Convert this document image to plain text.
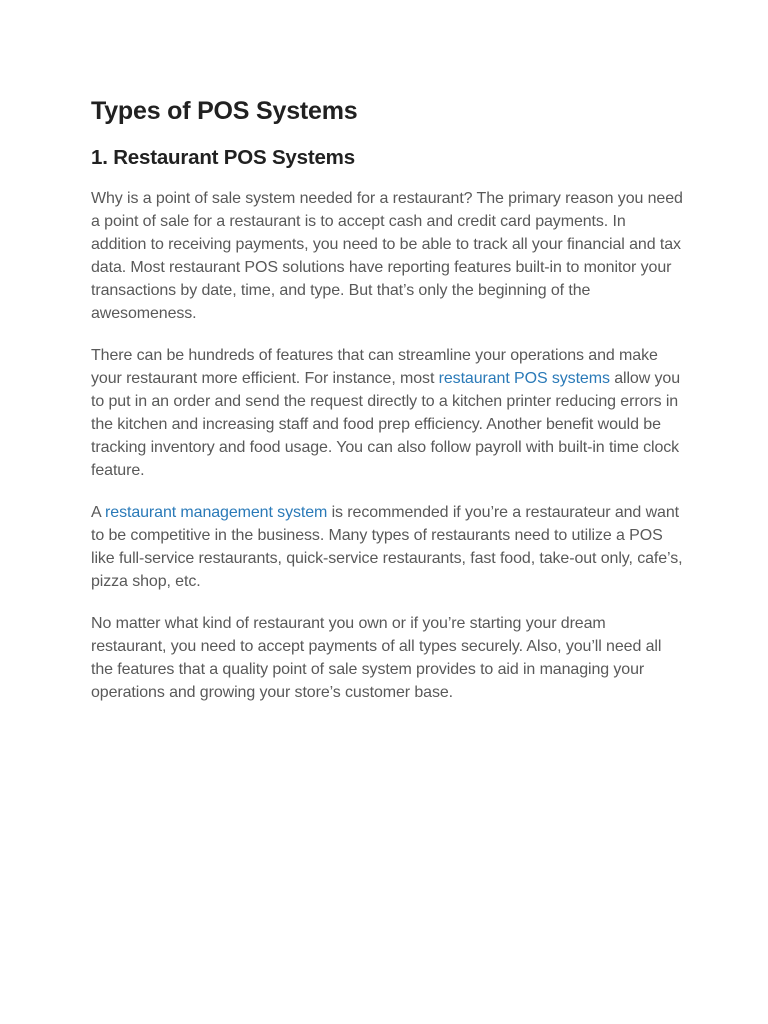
Types of POS Systems
1. Restaurant POS Systems

Why is a point of sale system needed for a restaurant? The primary reason you need a point of sale for a restaurant is to accept cash and credit card payments. In addition to receiving payments, you need to be able to track all your financial and tax data. Most restaurant POS solutions have reporting features built-in to monitor your transactions by date, time, and type. But that’s only the beginning of the awesomeness.

There can be hundreds of features that can streamline your operations and make your restaurant more efficient. For instance, most restaurant POS systems allow you to put in an order and send the request directly to a kitchen printer reducing errors in the kitchen and increasing staff and food prep efficiency. Another benefit would be tracking inventory and food usage. You can also follow payroll with built-in time clock feature.

A restaurant management system is recommended if you’re a restaurateur and want to be competitive in the business. Many types of restaurants need to utilize a POS like full-service restaurants, quick-service restaurants, fast food, take-out only, cafe’s, pizza shop, etc.

No matter what kind of restaurant you own or if you’re starting your dream restaurant, you need to accept payments of all types securely. Also, you’ll need all the features that a quality point of sale system provides to aid in managing your operations and growing your store’s customer base.
